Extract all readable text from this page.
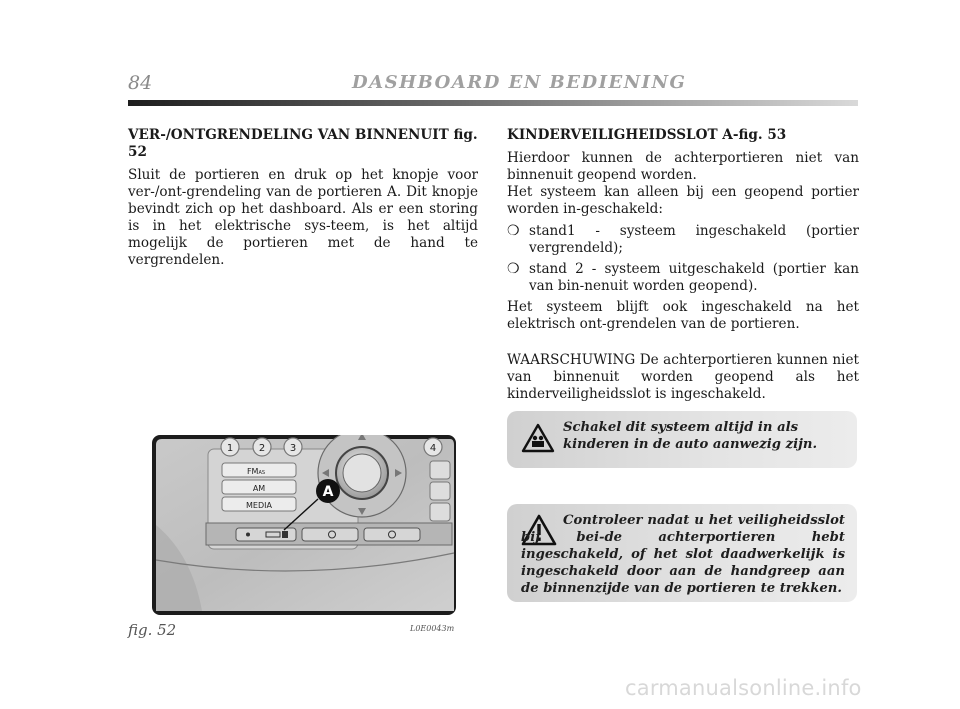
84	DASHBOARD EN BEDIENING

VER-/ONTGRENDELING VAN BINNENUIT fig. 52

Sluit de portieren en druk op het knopje voor ver-/ont-grendeling van de portieren A. Dit knopje bevindt zich op het dashboard. Als er een storing is in het elektrische sys-teem, is het altijd mogelijk de portieren met de hand te vergrendelen.

KINDERVEILIGHEIDSSLOT A-fig. 53

Hierdoor kunnen de achterportieren niet van binnenuit geopend worden.

Het systeem kan alleen bij een geopend portier worden in-geschakeld:

❍ stand1 - systeem ingeschakeld (portier vergrendeld);
❍ stand 2 - systeem uitgeschakeld (portier kan van bin-nenuit worden geopend).

Het systeem blijft ook ingeschakeld na het elektrisch ont-grendelen van de portieren.

WAARSCHUWING De achterportieren kunnen niet van binnenuit worden geopend als het kinderveiligheidsslot is ingeschakeld.

Schakel dit systeem altijd in als kinderen in de auto aanwezig zijn.
Controleer nadat u het veiligheidsslot bij bei-de achterportieren hebt ingeschakeld, of het slot daadwerkelijk is ingeschakeld door aan de handgreep aan de binnenzijde van de portieren te trekken.
1	2 3	4
FMAS
AM
MEDIA
A
fig. 52	L0E0043m
carmanualsonline.info
